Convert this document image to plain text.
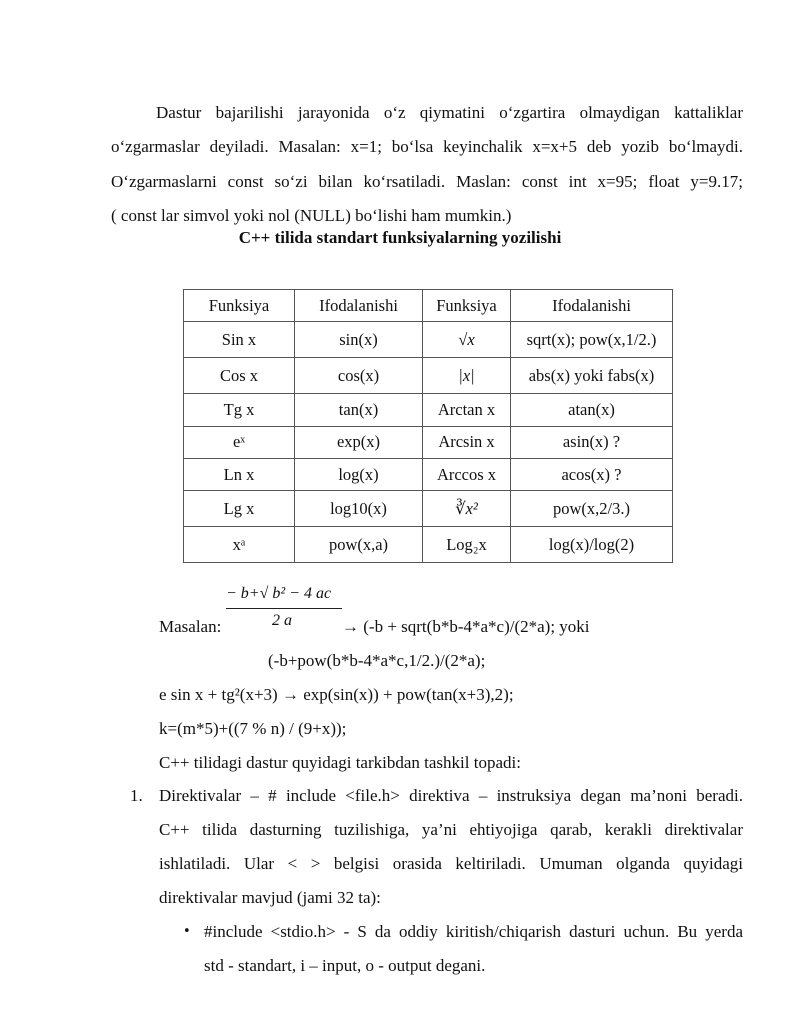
Dastur bajarilishi jarayonida o‘z qiymatini o‘zgartira olmaydigan kattaliklar
o‘zgarmaslar deyiladi. Masalan: x=1; bo‘lsa keyinchalik x=x+5 deb yozib bo‘lmaydi.
O‘zgarmaslarni const so‘zi bilan ko‘rsatiladi. Maslan: const int x=95; float y=9.17;
( const lar simvol yoki nol (NULL) bo‘lishi ham mumkin.)
C++ tilida standart funksiyalarning yozilishi
Funksiya	Ifodalanishi	Funksiya	Ifodalanishi
Sin x	sin(x)	√x	sqrt(x); pow(x,1/2.)
Cos x	cos(x)	|x|	abs(x) yoki fabs(x)
Tg x	tan(x)	Arctan x	atan(x)
eˣ	exp(x)	Arcsin x	asin(x) ?
Ln x	log(x)	Arccos x	acos(x) ?
Lg x	log10(x)	∛x²	pow(x,2/3.)
xᵃ	pow(x,a)	Log₂x	log(x)/log(2)
− b+√ b² − 4 ac
2 a
Masalan:	→ (-b + sqrt(b*b-4*a*c)/(2*a); yoki
(-b+pow(b*b-4*a*c,1/2.)/(2*a);
e sin x + tg²(x+3) → exp(sin(x)) + pow(tan(x+3),2);
k=(m*5)+((7 % n) / (9+x));
C++ tilidagi dastur quyidagi tarkibdan tashkil topadi:
1. Direktivalar – # include <file.h> direktiva – instruksiya degan ma’noni beradi.
C++ tilida dasturning tuzilishiga, ya’ni ehtiyojiga qarab, kerakli direktivalar
ishlatiladi. Ular < > belgisi orasida keltiriladi. Umuman olganda quyidagi
direktivalar mavjud (jami 32 ta):
• #include <stdio.h> - S da oddiy kiritish/chiqarish dasturi uchun. Bu yerda
std - standart, i – input, o - output degani.
